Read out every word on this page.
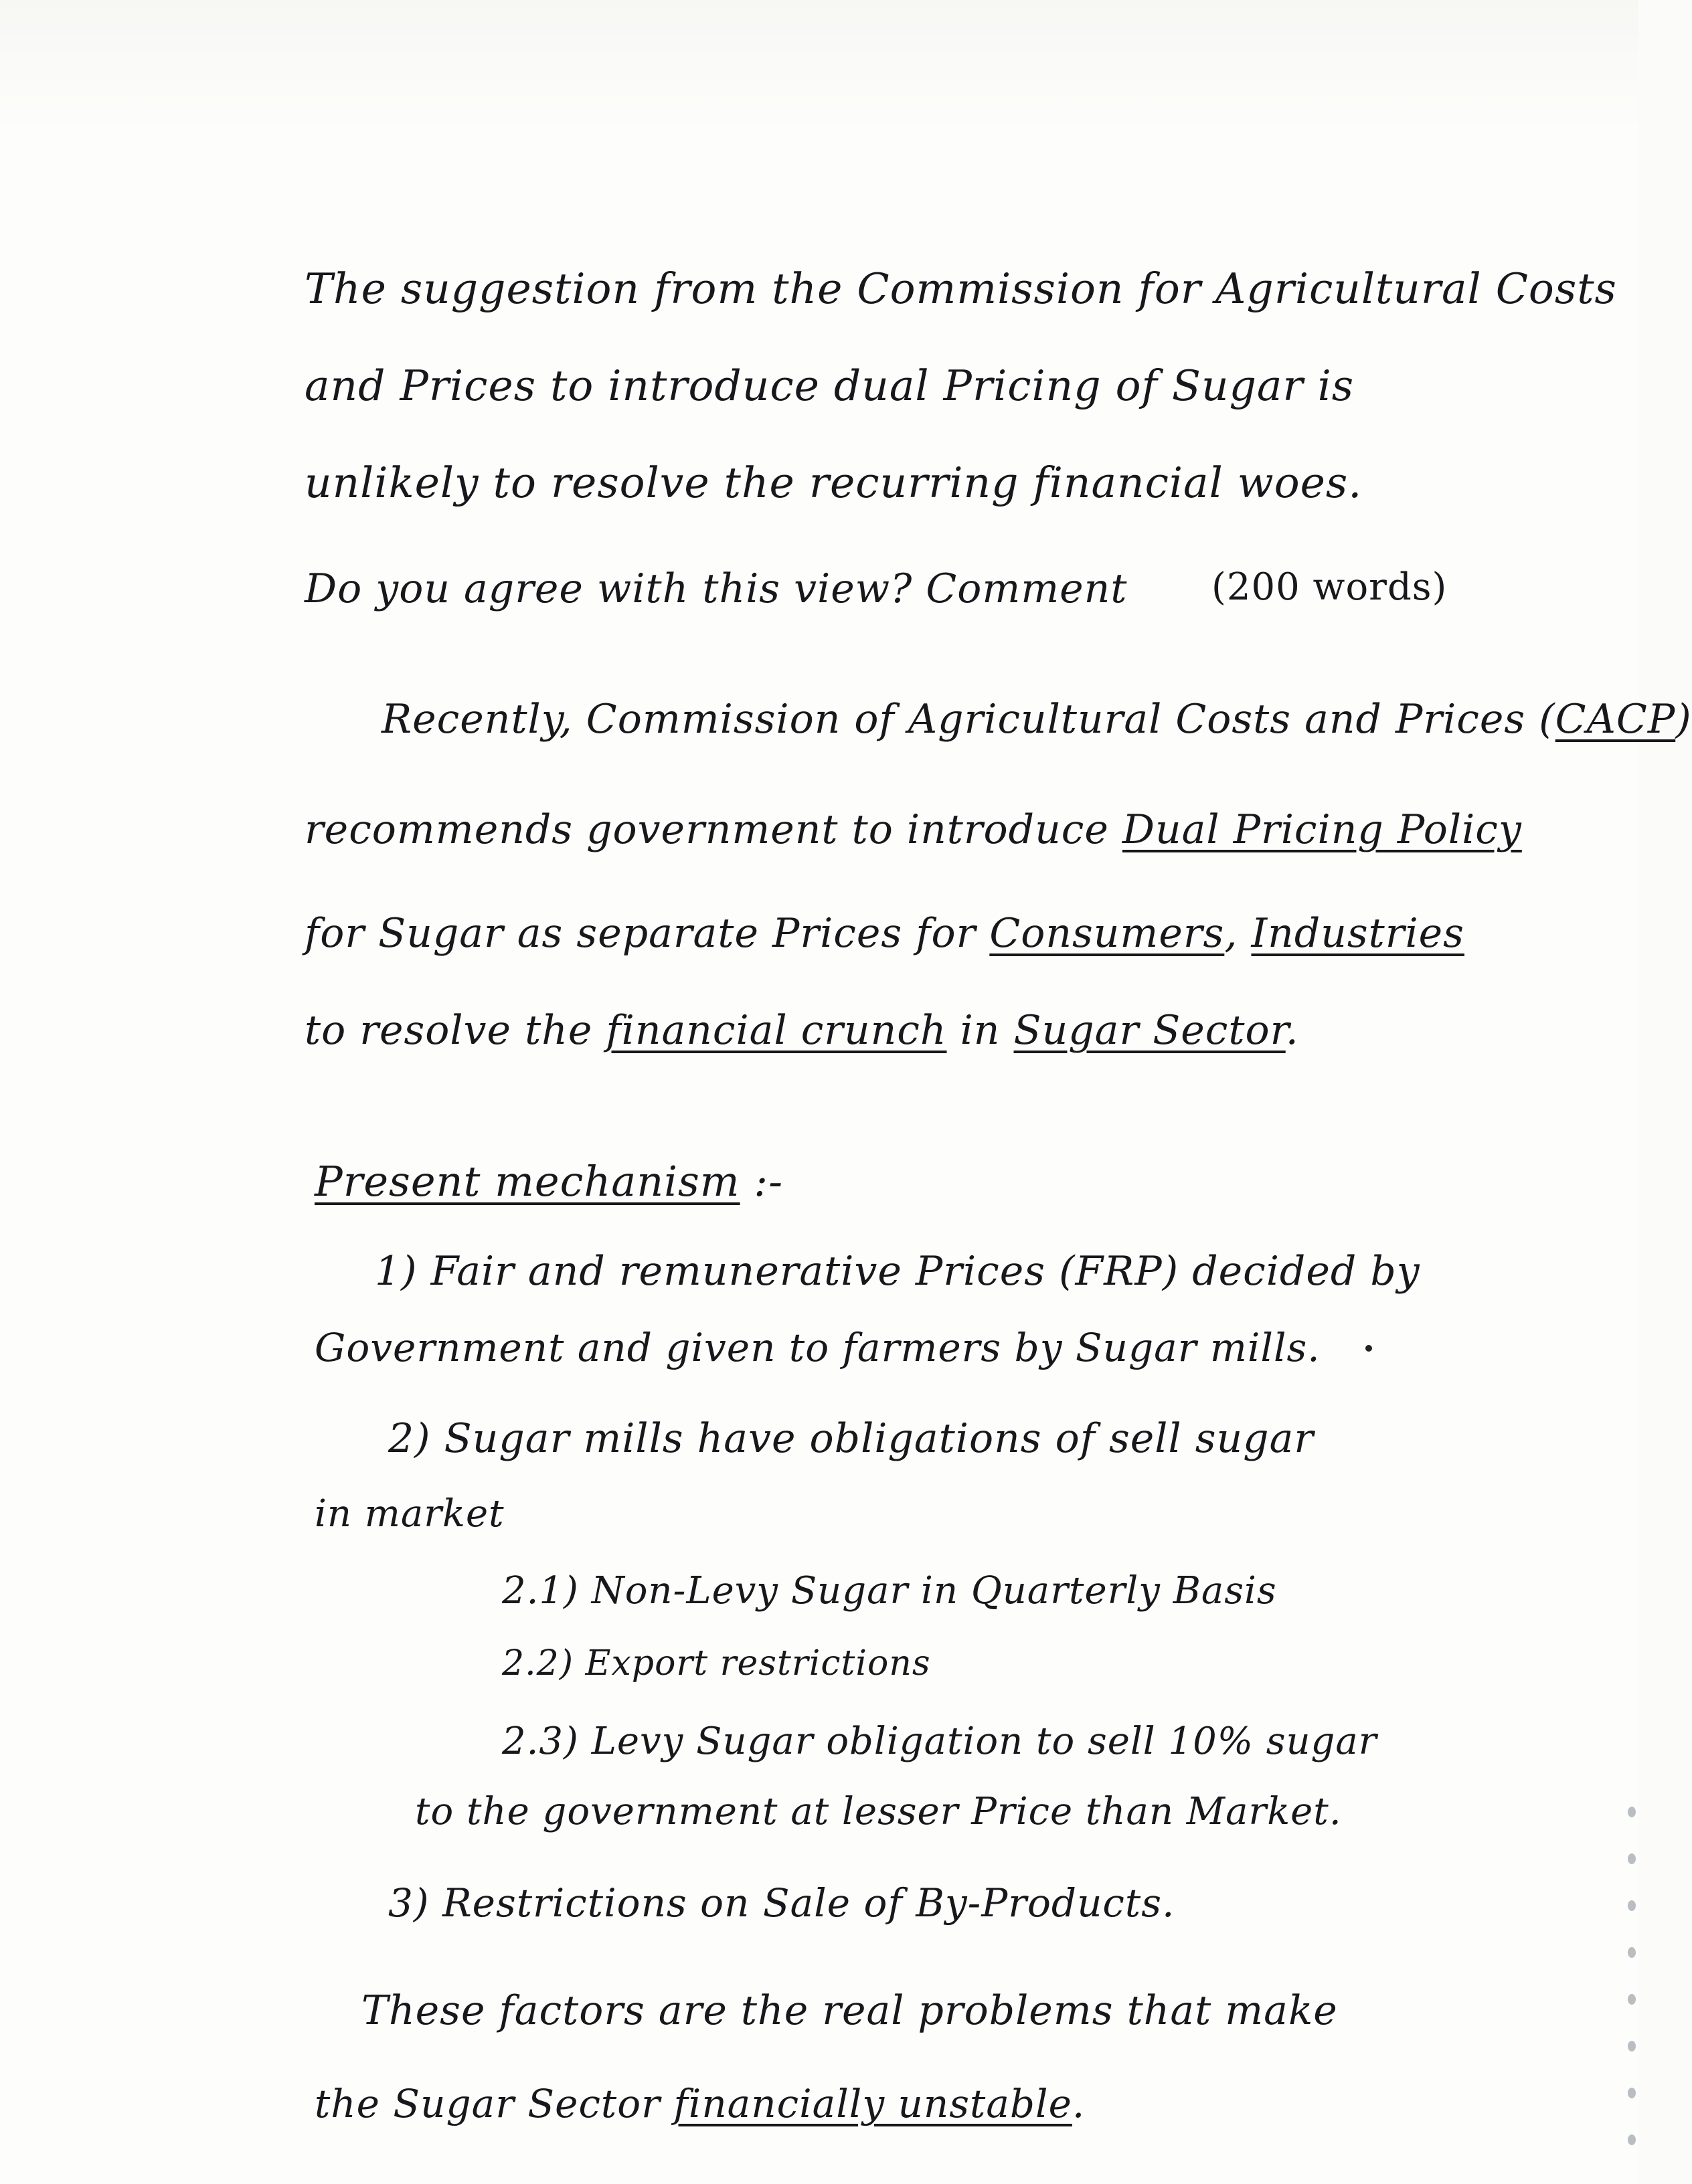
The suggestion from the Commission for Agricultural Costs
and Prices to introduce dual Pricing of Sugar is
unlikely to resolve the recurring financial woes.
Do you agree with this view? Comment (200 words)
Recently, Commission of Agricultural Costs and Prices (CACP)
recommends government to introduce Dual Pricing Policy
for Sugar as separate Prices for Consumers, Industries
to resolve the financial crunch in Sugar Sector.
Present mechanism :-
1) Fair and remunerative Prices (FRP) decided by
Government and given to farmers by Sugar mills.
2) Sugar mills have obligations of sell sugar
in market
2.1) Non-Levy Sugar in Quarterly Basis
2.2) Export restrictions
2.3) Levy Sugar obligation to sell 10% sugar
to the government at lesser Price than Market.
3) Restrictions on Sale of By-Products.
These factors are the real problems that make
the Sugar Sector financially unstable.
